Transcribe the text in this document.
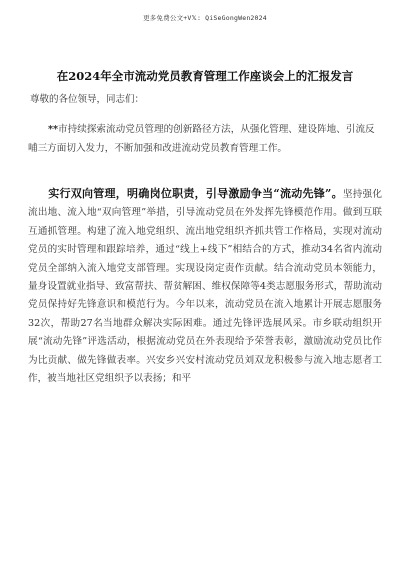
更多免费公文+V𝕏: QiSeGongWen2024
在2024年全市流动党员教育管理工作座谈会上的汇报发言
尊敬的各位领导，同志们：
**市持续探索流动党员管理的创新路径方法，从强化管理、建设阵地、引流反哺三方面切入发力，不断加强和改进流动党员教育管理工作。
实行双向管理，明确岗位职责，引导激励争当“流动先锋”。坚持强化流出地、流入地“双向管理”举措，引导流动党员在外发挥先锋模范作用。做到互联互通抓管理。构建了流入地党组织、流出地党组织齐抓共管工作格局，实现对流动党员的实时管理和跟踪培养，通过“线上+线下”相结合的方式，推动34名省内流动党员全部纳入流入地党支部管理。实现设岗定责作贡献。结合流动党员本领能力，量身设置就业指导、致富帮扶、帮贫解困、维权保障等4类志愿服务形式，帮助流动党员保持好先锋意识和模范行为。今年以来，流动党员在流入地累计开展志愿服务32次，帮助27名当地群众解决实际困难。通过先锋评选展风采。市乡联动组织开展“流动先锋”评选活动，根据流动党员在外表现给予荣誉表彰，激励流动党员比作为比贡献、做先锋做表率。兴安乡兴安村流动党员刘双龙积极参与流入地志愿者工作，被当地社区党组织予以表扬；和平
